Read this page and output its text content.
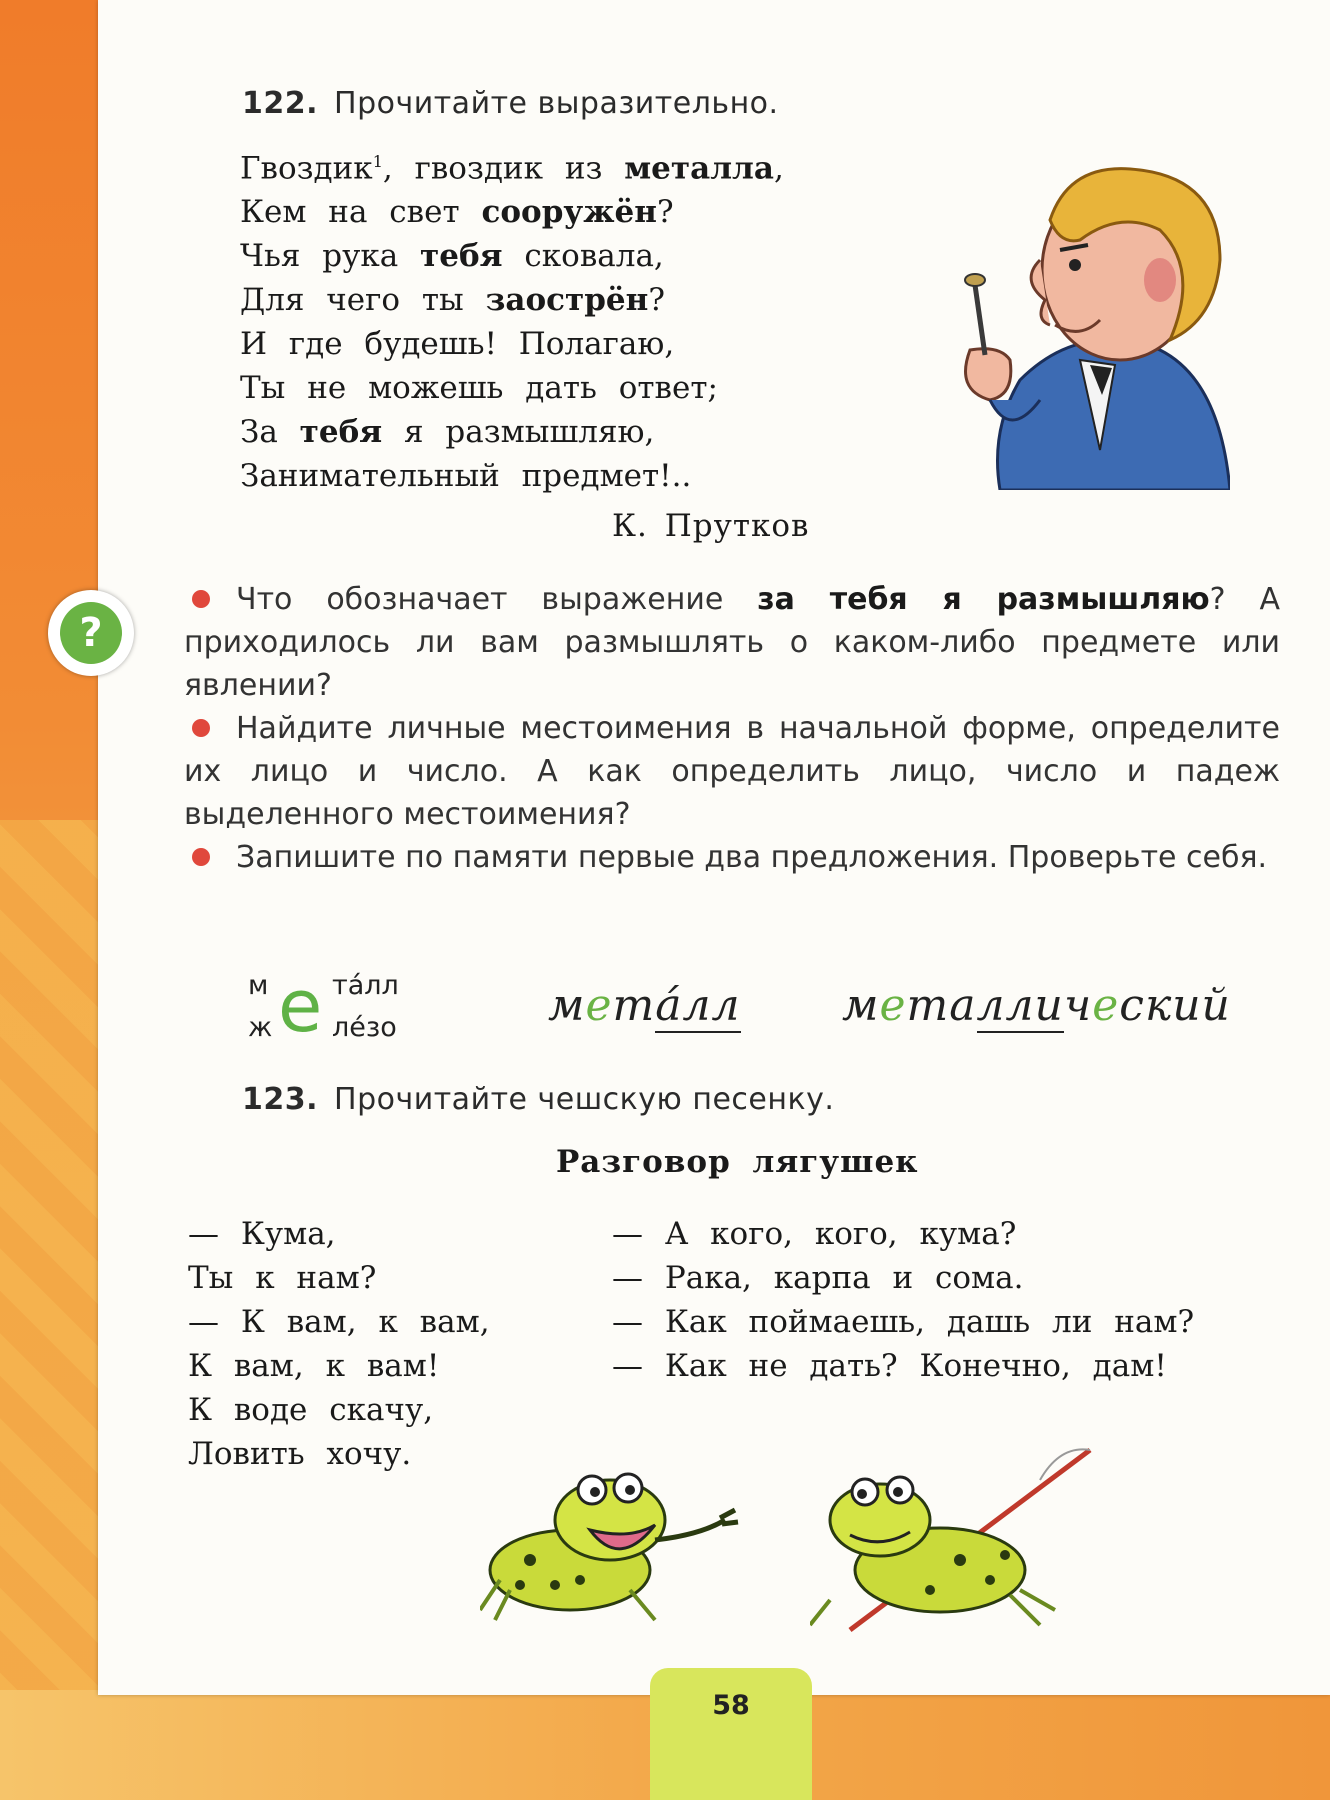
122. Прочитайте выразительно.
Гвоздик$^1$, гвоздик из металла,
Кем на свет сооружён?
Чья рука тебя сковала,
Для чего ты заострён?
И где будешь! Полагаю,
Ты не можешь дать ответ;
За тебя я размышляю,
Занимательный предмет!..
К. Прутков
?

Что обозначает выражение за тебя я размышляю? А приходилось ли вам размышлять о каком-либо предмете или явлении?

Найдите личные местоимения в начальной форме, определите их лицо и число. А как определить лицо, число и падеж выделенного местоимения?

Запишите по памяти первые два предложения. Проверьте себя.

м тáлл
ж лéзо
е	мета́лл металлический
123. Прочитайте чешскую песенку.
Разговор лягушек
— Кума,
Ты к нам?
— К вам, к вам,
К вам, к вам!
К воде скачу,
Ловить хочу.
— А кого, кого, кума?
— Рака, карпа и сома.
— Как поймаешь, дашь ли нам?
— Как не дать? Конечно, дам!
58
